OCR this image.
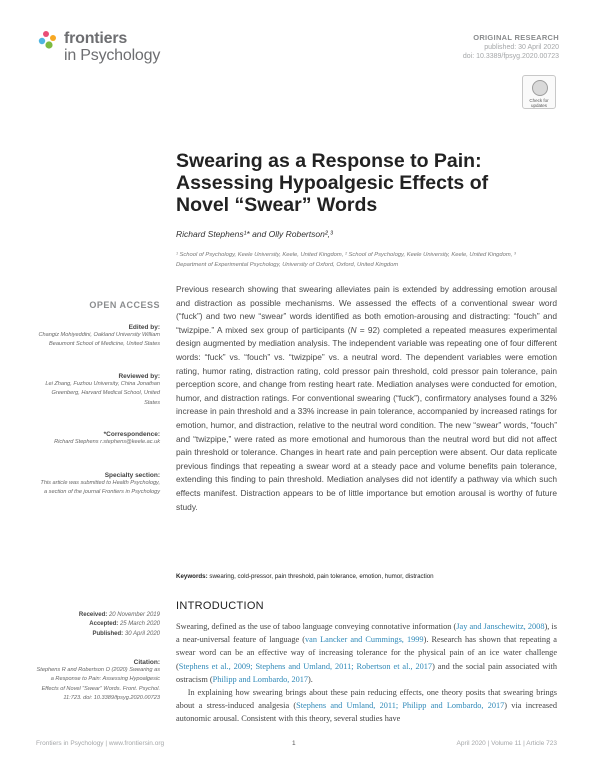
frontiers
in Psychology
ORIGINAL RESEARCH
published: 30 April 2020
doi: 10.3389/fpsyg.2020.00723
Check for updates
Swearing as a Response to Pain: Assessing Hypoalgesic Effects of Novel “Swear” Words
Richard Stephens¹* and Olly Robertson²,³
¹ School of Psychology, Keele University, Keele, United Kingdom, ² School of Psychology, Keele University, Keele, United Kingdom, ³ Department of Experimental Psychology, University of Oxford, Oxford, United Kingdom
Previous research showing that swearing alleviates pain is extended by addressing emotion arousal and distraction as possible mechanisms. We assessed the effects of a conventional swear word (“fuck”) and two new “swear” words identified as both emotion-arousing and distracting: “fouch” and “twizpipe.” A mixed sex group of participants (N = 92) completed a repeated measures experimental design augmented by mediation analysis. The independent variable was repeating one of four different words: “fuck” vs. “fouch” vs. “twizpipe” vs. a neutral word. The dependent variables were emotion rating, humor rating, distraction rating, cold pressor pain threshold, cold pressor pain tolerance, pain perception score, and change from resting heart rate. Mediation analyses were conducted for emotion, humor, and distraction ratings. For conventional swearing (“fuck”), confirmatory analyses found a 32% increase in pain threshold and a 33% increase in pain tolerance, accompanied by increased ratings for emotion, humor, and distraction, relative to the neutral word condition. The new “swear” words, “fouch” and “twizpipe,” were rated as more emotional and humorous than the neutral word but did not affect pain threshold or tolerance. Changes in heart rate and pain perception were absent. Our data replicate previous findings that repeating a swear word at a steady pace and volume benefits pain tolerance, extending this finding to pain threshold. Mediation analyses did not identify a pathway via which such effects manifest. Distraction appears to be of little importance but emotion arousal is worthy of future study.
Keywords: swearing, cold-pressor, pain threshold, pain tolerance, emotion, humor, distraction
INTRODUCTION
Swearing, defined as the use of taboo language conveying connotative information (Jay and Janschewitz, 2008), is a near-universal feature of language (van Lancker and Cummings, 1999). Research has shown that repeating a swear word can be an effective way of increasing tolerance for the physical pain of an ice water challenge (Stephens et al., 2009; Stephens and Umland, 2011; Robertson et al., 2017) and the social pain associated with ostracism (Philipp and Lombardo, 2017).
In explaining how swearing brings about these pain reducing effects, one theory posits that swearing brings about a stress-induced analgesia (Stephens and Umland, 2011; Philipp and Lombardo, 2017) via increased autonomic arousal. Consistent with this theory, several studies have
OPEN ACCESS
Edited by:
Changiz Mohiyeddini, Oakland University William Beaumont School of Medicine, United States
Reviewed by:
Lei Zhang, Fuzhou University, China Jonathan Greenberg, Harvard Medical School, United States
*Correspondence:
Richard Stephens r.stephens@keele.ac.uk
Specialty section:
This article was submitted to Health Psychology, a section of the journal Frontiers in Psychology
Received: 20 November 2019
Accepted: 25 March 2020
Published: 30 April 2020
Citation:
Stephens R and Robertson O (2020) Swearing as a Response to Pain: Assessing Hypoalgesic Effects of Novel “Swear” Words. Front. Psychol. 11:723. doi: 10.3389/fpsyg.2020.00723
Frontiers in Psychology | www.frontiersin.org	1	April 2020 | Volume 11 | Article 723
